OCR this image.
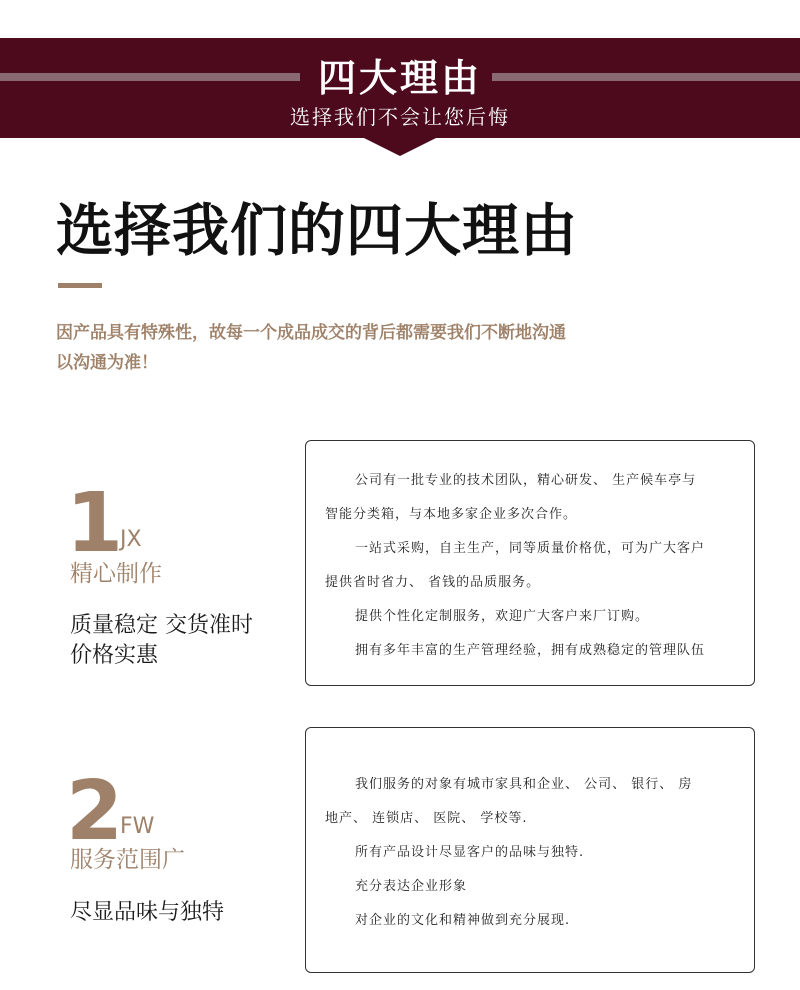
四大理由
选择我们不会让您后悔
选择我们的四大理由
因产品具有特殊性，故每一个成品成交的背后都需要我们不断地沟通
以沟通为准！
1
JX
精心制作
质量稳定 交货准时
价格实惠
公司有一批专业的技术团队，精心研发、 生产候车亭与
智能分类箱，与本地多家企业多次合作。
一站式采购，自主生产，同等质量价格优，可为广大客户
提供省时省力、 省钱的品质服务。
提供个性化定制服务，欢迎广大客户来厂订购。
拥有多年丰富的生产管理经验，拥有成熟稳定的管理队伍
2
FW
服务范围广
尽显品味与独特
我们服务的对象有城市家具和企业、 公司、 银行、 房
地产、 连锁店、 医院、 学校等.
所有产品设计尽显客户的品味与独特.
充分表达企业形象
对企业的文化和精神做到充分展现.
